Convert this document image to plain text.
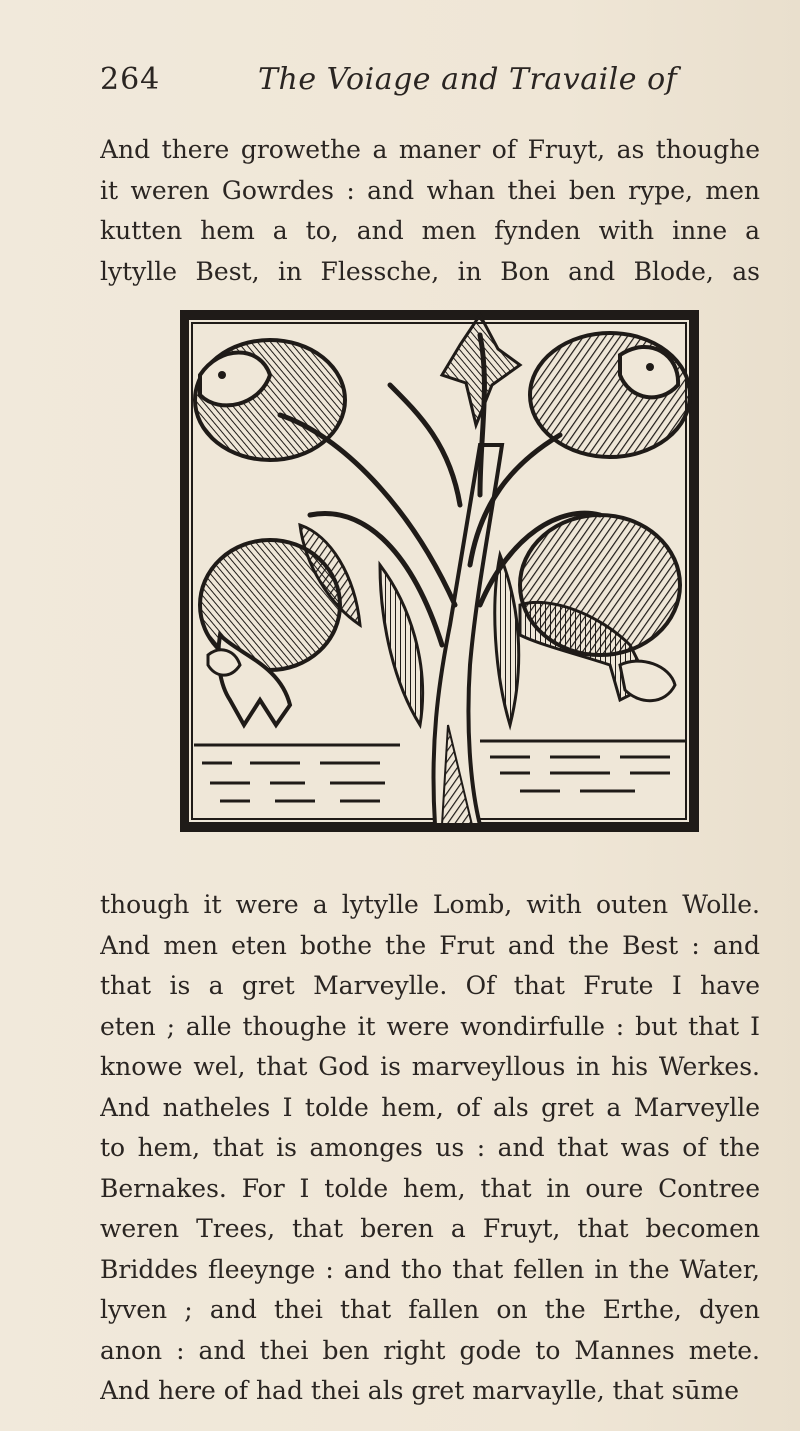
264	The Voiage and Travaile of
And there growethe a maner of Fruyt, as thoughe
it weren Gowrdes : and whan thei ben rype, men
kutten hem a to, and men fynden with inne a
lytylle Best, in Flessche, in Bon and Blode, as
though it were a lytylle Lomb, with outen Wolle.
And men eten bothe the Frut and the Best : and
that is a gret Marveylle. Of that Frute I have
eten ; alle thoughe it were wondirfulle : but that I
knowe wel, that God is marveyllous in his Werkes.
And natheles I tolde hem, of als gret a Marveylle
to hem, that is amonges us : and that was of the
Bernakes. For I tolde hem, that in oure Contree
weren Trees, that beren a Fruyt, that becomen
Briddes fleeynge : and tho that fellen in the Water,
lyven ; and thei that fallen on the Erthe, dyen
anon : and thei ben right gode to Mannes mete.
And here of had thei als gret marvaylle, that sūme
